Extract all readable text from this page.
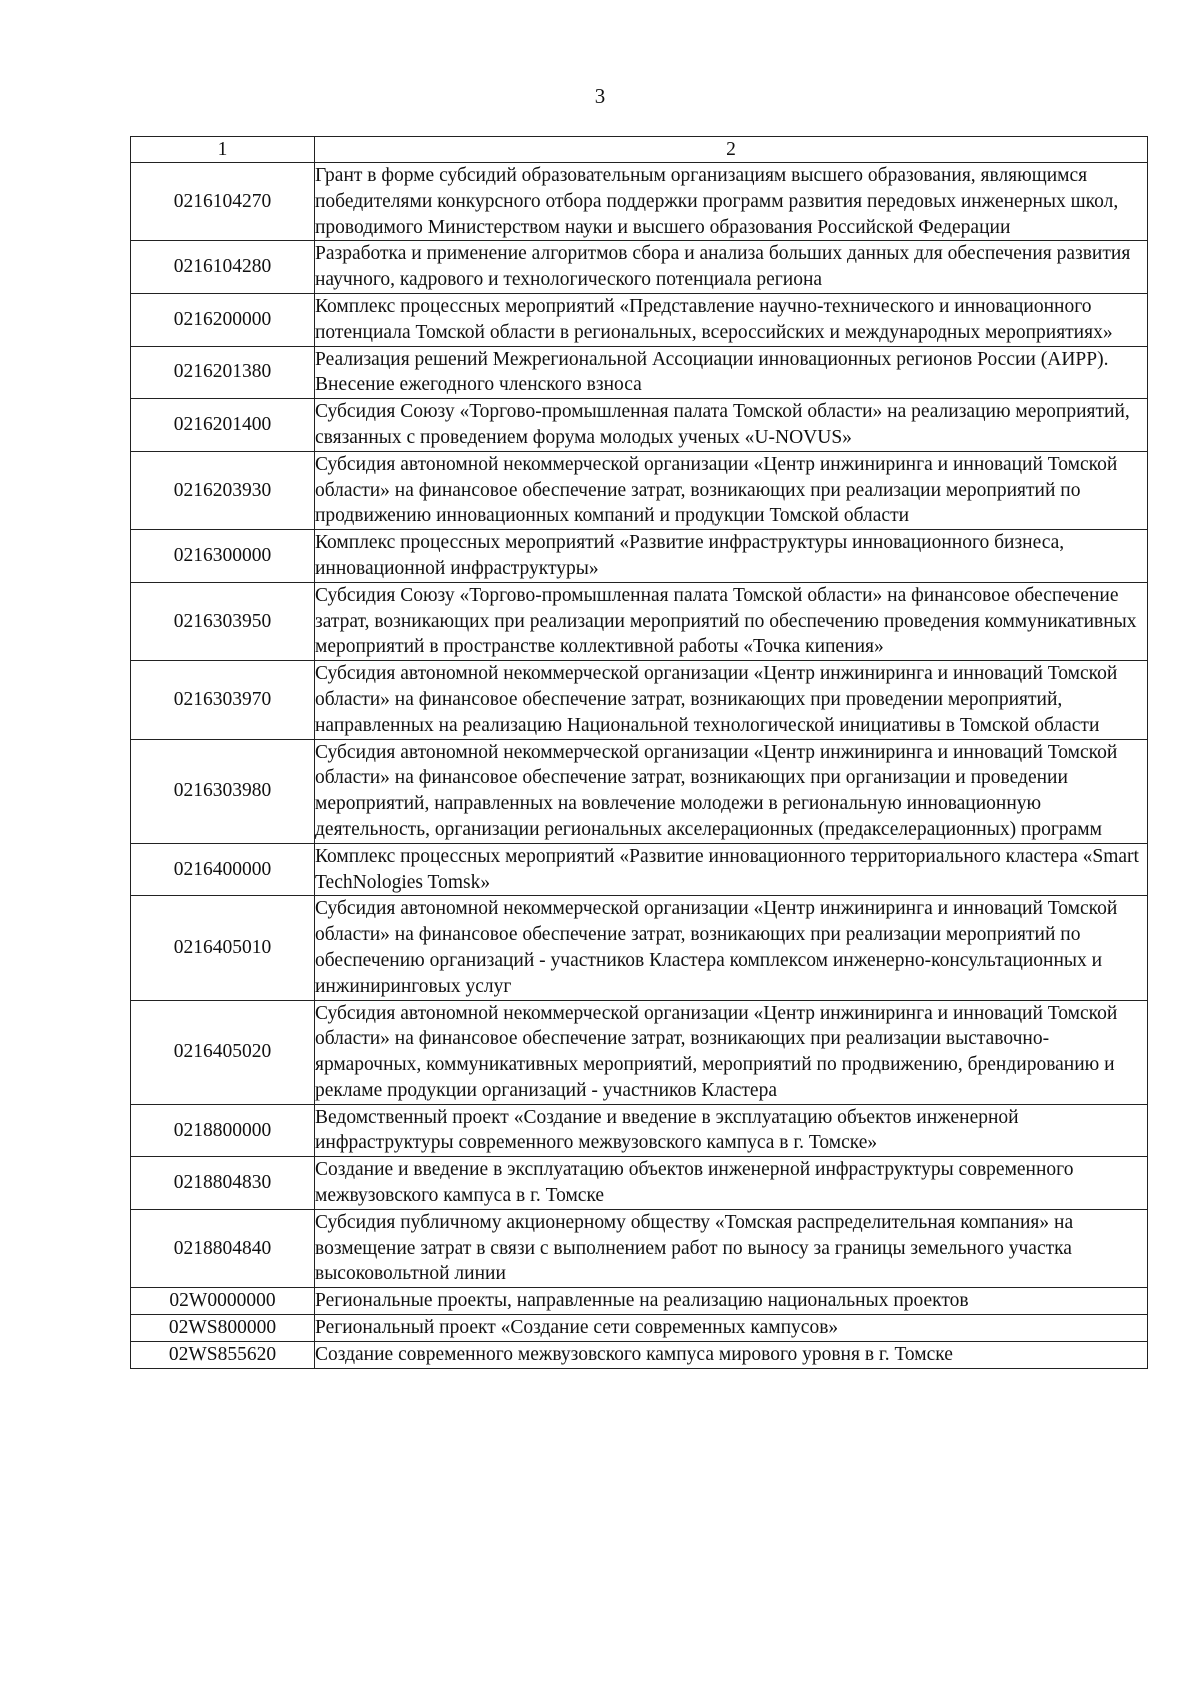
3
1	2
0216104270	Грант в форме субсидий образовательным организациям высшего образования, являющимся победителями конкурсного отбора поддержки программ развития передовых инженерных школ, проводимого Министерством науки и высшего образования Российской Федерации
0216104280	Разработка и применение алгоритмов сбора и анализа больших данных для обеспечения развития научного, кадрового и технологического потенциала региона
0216200000	Комплекс процессных мероприятий «Представление научно-технического и инновационного потенциала Томской области в региональных, всероссийских и международных мероприятиях»
0216201380	Реализация решений Межрегиональной Ассоциации инновационных регионов России (АИРР). Внесение ежегодного членского взноса
0216201400	Субсидия Союзу «Торгово-промышленная палата Томской области» на реализацию мероприятий, связанных с проведением форума молодых ученых «U-NOVUS»
0216203930	Субсидия автономной некоммерческой организации «Центр инжиниринга и инноваций Томской области» на финансовое обеспечение затрат, возникающих при реализации мероприятий по продвижению инновационных компаний и продукции Томской области
0216300000	Комплекс процессных мероприятий «Развитие инфраструктуры инновационного бизнеса, инновационной инфраструктуры»
0216303950	Субсидия Союзу «Торгово-промышленная палата Томской области» на финансовое обеспечение затрат, возникающих при реализации мероприятий по обеспечению проведения коммуникативных мероприятий в пространстве коллективной работы «Точка кипения»
0216303970	Субсидия автономной некоммерческой организации «Центр инжиниринга и инноваций Томской области» на финансовое обеспечение затрат, возникающих при проведении мероприятий, направленных на реализацию Национальной технологической инициативы в Томской области
0216303980	Субсидия автономной некоммерческой организации «Центр инжиниринга и инноваций Томской области» на финансовое обеспечение затрат, возникающих при организации и проведении мероприятий, направленных на вовлечение молодежи в региональную инновационную деятельность, организации региональных акселерационных (предакселерационных) программ
0216400000	Комплекс процессных мероприятий «Развитие инновационного территориального кластера «Smart TechNologies Tomsk»
0216405010	Субсидия автономной некоммерческой организации «Центр инжиниринга и инноваций Томской области» на финансовое обеспечение затрат, возникающих при реализации мероприятий по обеспечению организаций - участников Кластера комплексом инженерно-консультационных и инжиниринговых услуг
0216405020	Субсидия автономной некоммерческой организации «Центр инжиниринга и инноваций Томской области» на финансовое обеспечение затрат, возникающих при реализации выставочно-ярмарочных, коммуникативных мероприятий, мероприятий по продвижению, брендированию и рекламе продукции организаций - участников Кластера
0218800000	Ведомственный проект «Создание и введение в эксплуатацию объектов инженерной инфраструктуры современного межвузовского кампуса в г. Томске»
0218804830	Создание и введение в эксплуатацию объектов инженерной инфраструктуры современного межвузовского кампуса в г. Томске
0218804840	Субсидия публичному акционерному обществу «Томская распределительная компания» на возмещение затрат в связи с выполнением работ по выносу за границы земельного участка высоковольтной линии
02W0000000	Региональные проекты, направленные на реализацию национальных проектов
02WS800000	Региональный проект «Создание сети современных кампусов»
02WS855620	Создание современного межвузовского кампуса мирового уровня в г. Томске
